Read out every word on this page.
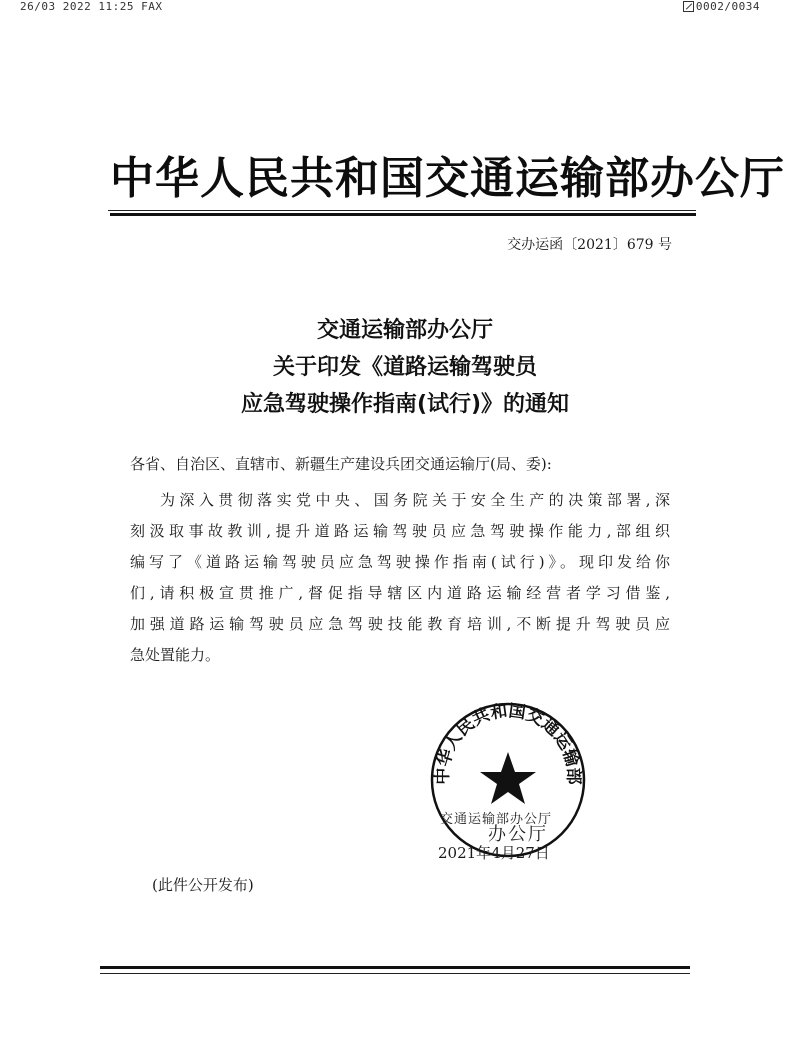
26/03 2022 11:25 FAX	0002/0034
中华人民共和国交通运输部办公厅
交办运函〔2021〕679 号
交通运输部办公厅
关于印发《道路运输驾驶员
应急驾驶操作指南(试行)》的通知
各省、自治区、直辖市、新疆生产建设兵团交通运输厅(局、委):
为深入贯彻落实党中央、国务院关于安全生产的决策部署,深
刻汲取事故教训,提升道路运输驾驶员应急驾驶操作能力,部组织
编写了《道路运输驾驶员应急驾驶操作指南(试行)》。现印发给你
们,请积极宣贯推广,督促指导辖区内道路运输经营者学习借鉴,
加强道路运输驾驶员应急驾驶技能教育培训,不断提升驾驶员应
急处置能力。
中华人民共和国交通运输部
交通运输部办公厅
办公厅
2021年4月27日
(此件公开发布)
